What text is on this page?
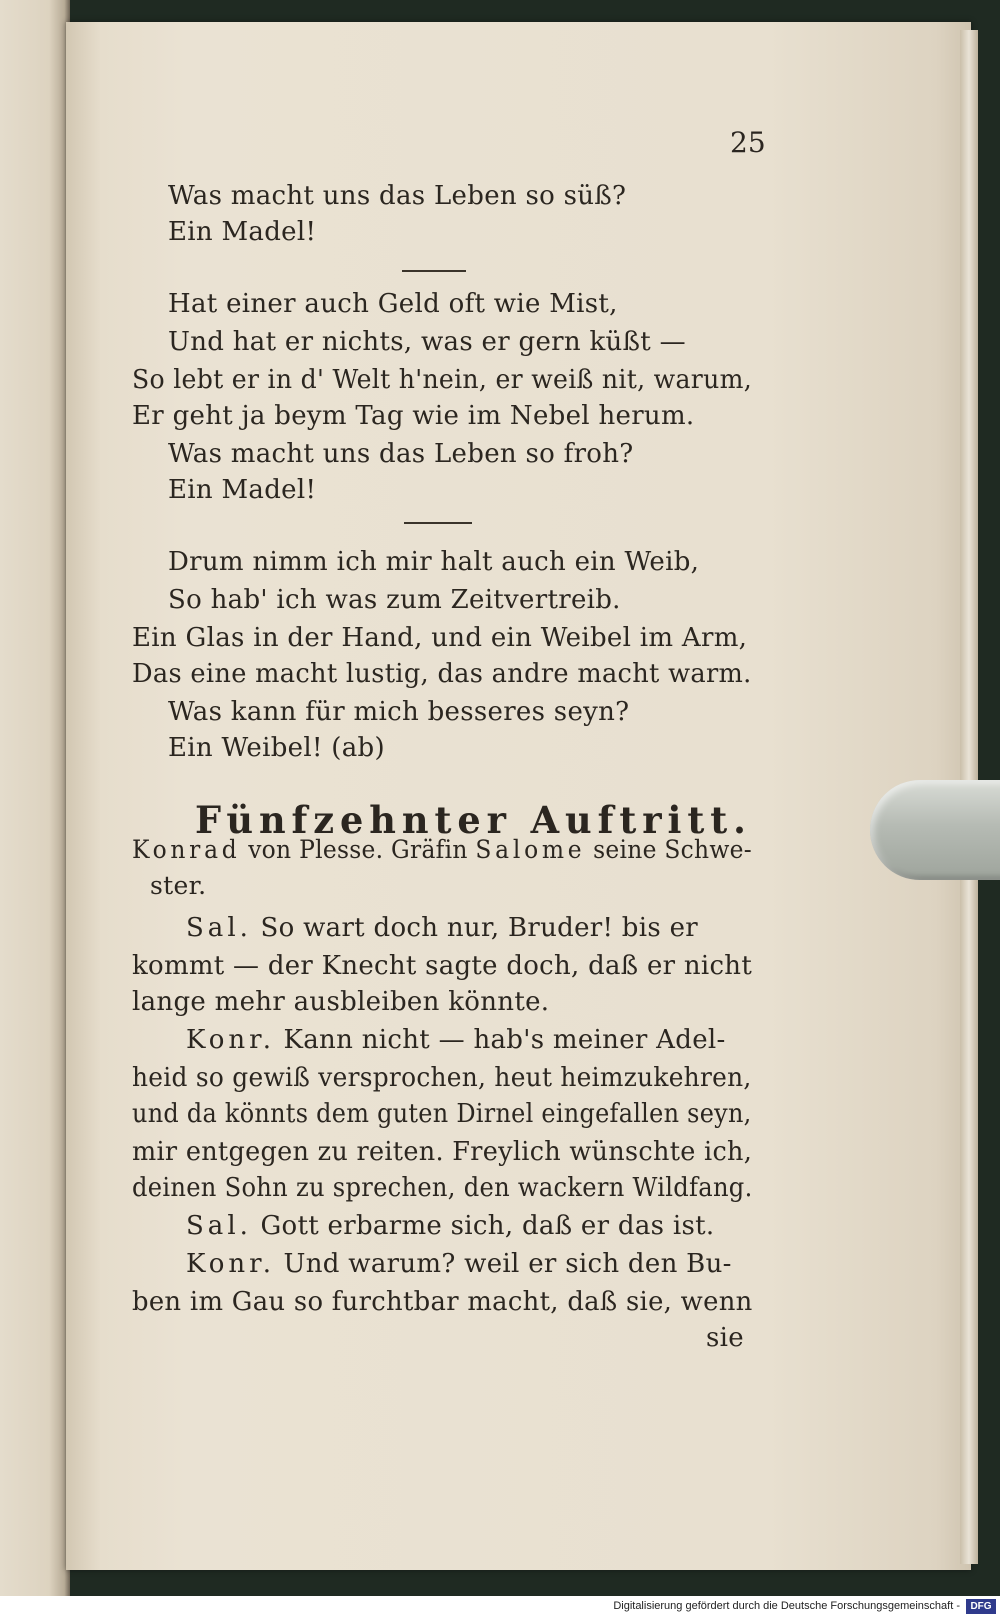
25
Was macht uns das Leben so süß?
Ein Madel!
Hat einer auch Geld oft wie Mist,
Und hat er nichts, was er gern küßt —
So lebt er in d' Welt h'nein, er weiß nit, warum,
Er geht ja beym Tag wie im Nebel herum.
Was macht uns das Leben so froh?
Ein Madel!
Drum nimm ich mir halt auch ein Weib,
So hab' ich was zum Zeitvertreib.
Ein Glas in der Hand, und ein Weibel im Arm,
Das eine macht lustig, das andre macht warm.
Was kann für mich besseres seyn?
Ein Weibel! (ab)
Fünfzehnter Auftritt.
Konrad von Plesse. Gräfin Salome seine Schwe-
ster.
Sal. So wart doch nur, Bruder! bis er
kommt — der Knecht sagte doch, daß er nicht
lange mehr ausbleiben könnte.
Konr. Kann nicht — hab's meiner Adel-
heid so gewiß versprochen, heut heimzukehren,
und da könnts dem guten Dirnel eingefallen seyn,
mir entgegen zu reiten. Freylich wünschte ich,
deinen Sohn zu sprechen, den wackern Wildfang.
Sal. Gott erbarme sich, daß er das ist.
Konr. Und warum? weil er sich den Bu-
ben im Gau so furchtbar macht, daß sie, wenn
sie
Digitalisierung gefördert durch die Deutsche Forschungsgemeinschaft -	DFG
